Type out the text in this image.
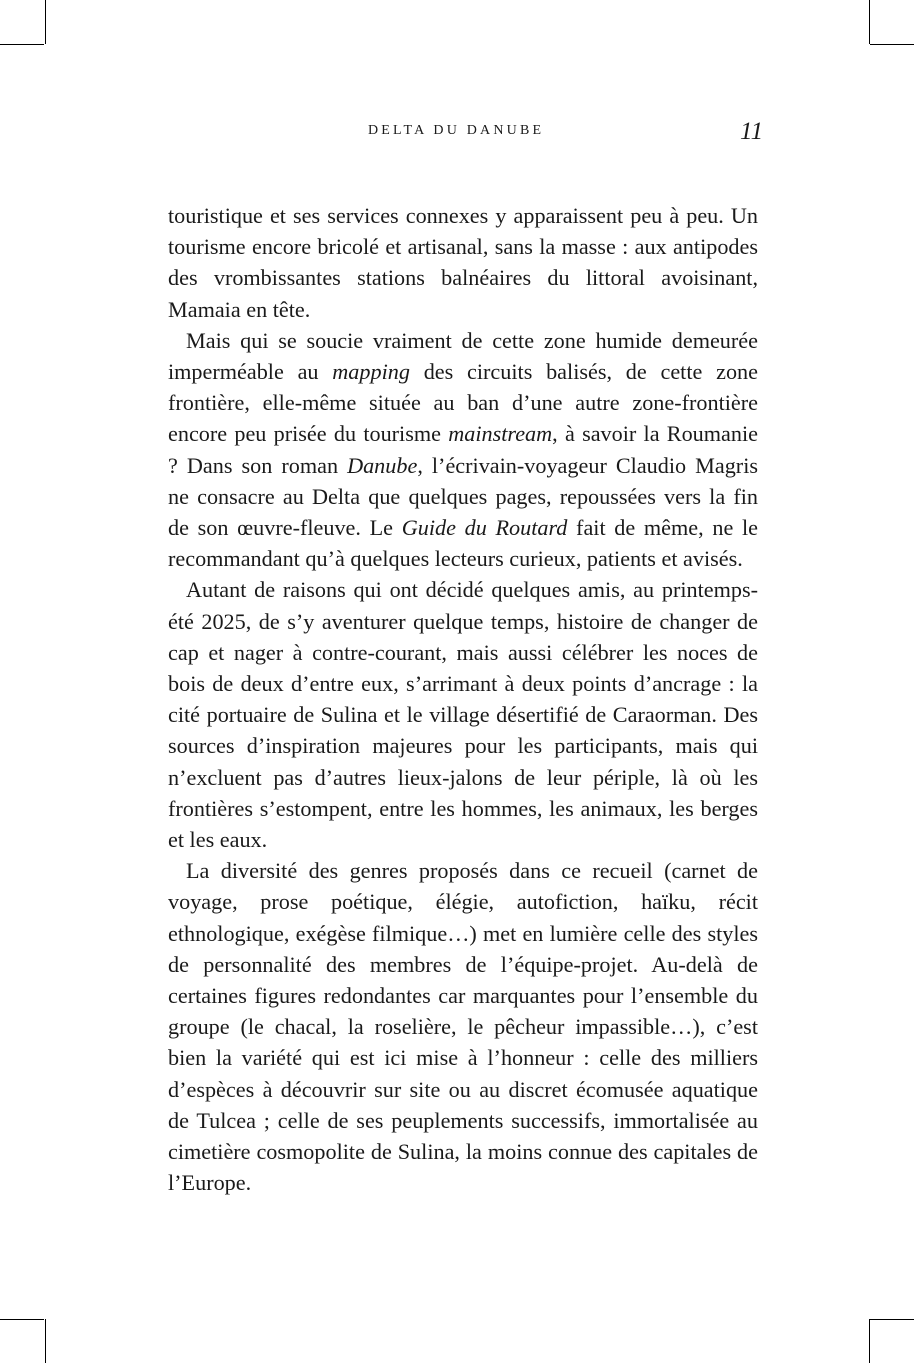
DELTA DU DANUBE	11

touristique et ses services connexes y apparaissent peu à peu. Un tourisme encore bricolé et artisanal, sans la masse : aux antipodes des vrombissantes stations balnéaires du littoral avoisinant, Mamaia en tête.

Mais qui se soucie vraiment de cette zone humide demeurée imperméable au mapping des circuits balisés, de cette zone frontière, elle-même située au ban d’une autre zone-frontière encore peu prisée du tourisme mainstream, à savoir la Roumanie ? Dans son roman Danube, l’écrivain-voyageur Claudio Magris ne consacre au Delta que quelques pages, repoussées vers la fin de son œuvre-fleuve. Le Guide du Routard fait de même, ne le recommandant qu’à quelques lecteurs curieux, patients et avisés.

Autant de raisons qui ont décidé quelques amis, au printemps-été 2025, de s’y aventurer quelque temps, histoire de changer de cap et nager à contre-courant, mais aussi célébrer les noces de bois de deux d’entre eux, s’arrimant à deux points d’ancrage : la cité portuaire de Sulina et le village désertifié de Caraorman. Des sources d’inspiration majeures pour les participants, mais qui n’excluent pas d’autres lieux-jalons de leur périple, là où les frontières s’estompent, entre les hommes, les animaux, les berges et les eaux.

La diversité des genres proposés dans ce recueil (carnet de voyage, prose poétique, élégie, autofiction, haïku, récit ethnologique, exégèse filmique…) met en lumière celle des styles de personnalité des membres de l’équipe-projet. Au-delà de certaines figures redondantes car marquantes pour l’ensemble du groupe (le chacal, la roselière, le pêcheur impassible…), c’est bien la variété qui est ici mise à l’honneur : celle des milliers d’espèces à découvrir sur site ou au discret écomusée aquatique de Tulcea ; celle de ses peuplements successifs, immortalisée au cimetière cosmopolite de Sulina, la moins connue des capitales de l’Europe.
